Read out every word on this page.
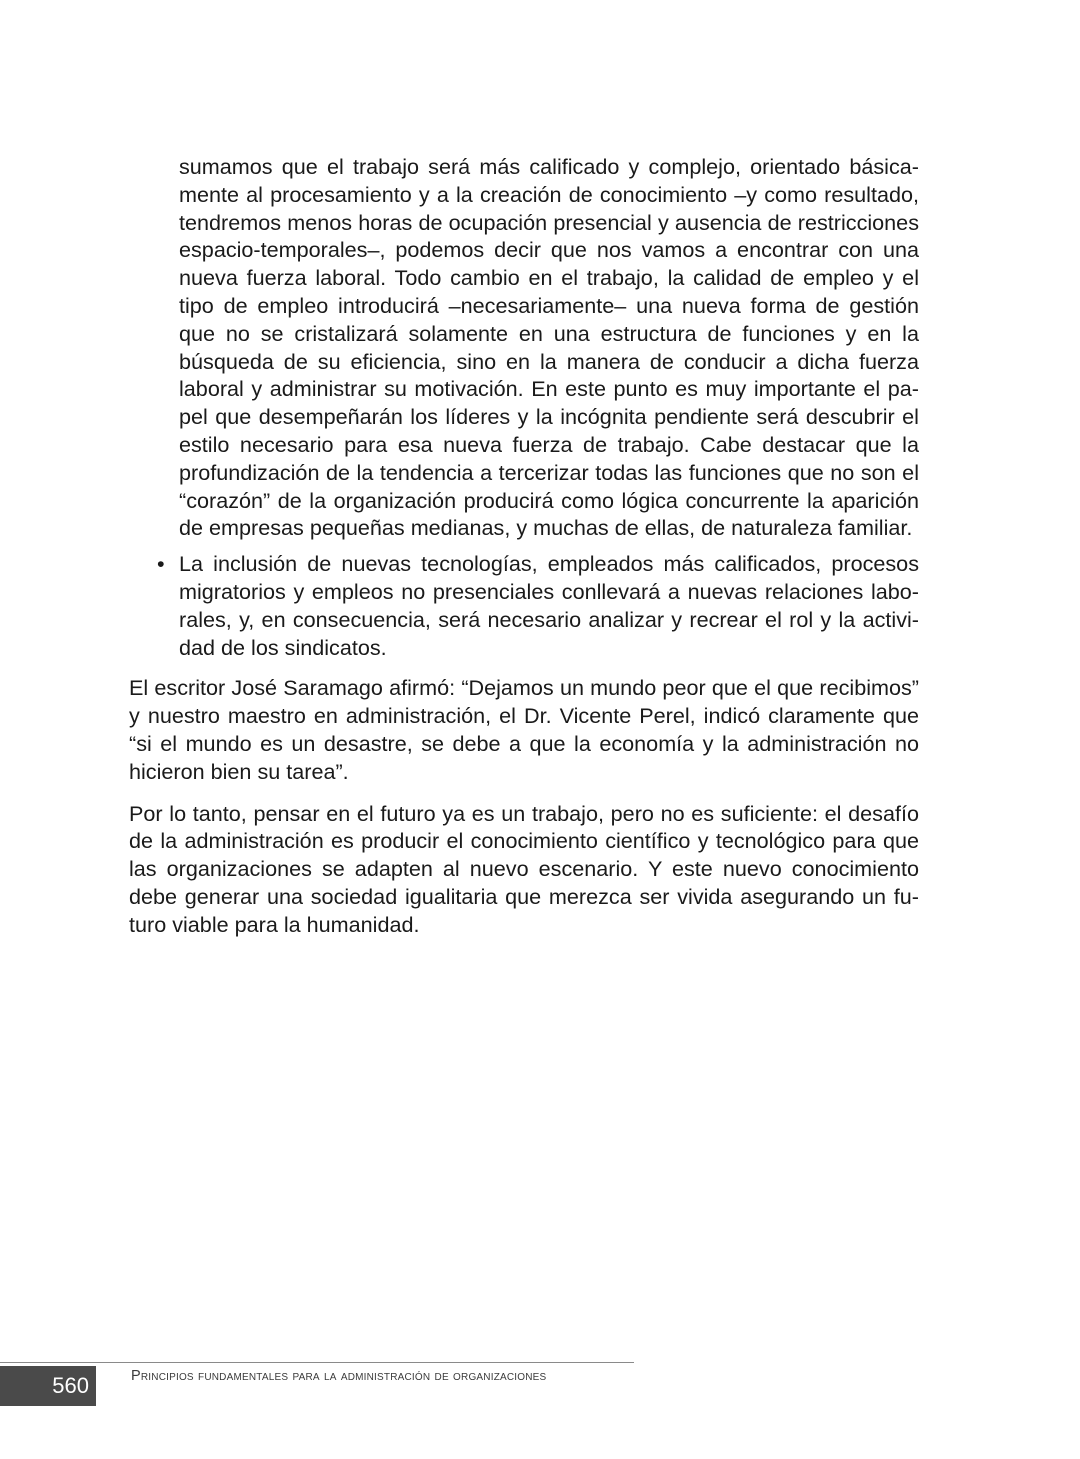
sumamos que el trabajo será más calificado y complejo, orientado básicamente al procesamiento y a la creación de conocimiento –y como resultado, tendremos menos horas de ocupación presencial y ausencia de restricciones espacio-temporales–, podemos decir que nos vamos a encontrar con una nueva fuerza laboral. Todo cambio en el trabajo, la calidad de empleo y el tipo de empleo introducirá –necesariamente– una nueva forma de gestión que no se cristalizará solamente en una estructura de funciones y en la búsqueda de su eficiencia, sino en la manera de conducir a dicha fuerza laboral y administrar su motivación. En este punto es muy importante el papel que desempeñarán los líderes y la incógnita pendiente será descubrir el estilo necesario para esa nueva fuerza de trabajo. Cabe destacar que la profundización de la tendencia a tercerizar todas las funciones que no son el “corazón” de la organización producirá como lógica concurrente la aparición de empresas pequeñas medianas, y muchas de ellas, de naturaleza familiar.

• La inclusión de nuevas tecnologías, empleados más calificados, procesos migratorios y empleos no presenciales conllevará a nuevas relaciones laborales, y, en consecuencia, será necesario analizar y recrear el rol y la actividad de los sindicatos.

El escritor José Saramago afirmó: “Dejamos un mundo peor que el que recibimos” y nuestro maestro en administración, el Dr. Vicente Perel, indicó claramente que “si el mundo es un desastre, se debe a que la economía y la administración no hicieron bien su tarea”.

Por lo tanto, pensar en el futuro ya es un trabajo, pero no es suficiente: el desafío de la administración es producir el conocimiento científico y tecnológico para que las organizaciones se adapten al nuevo escenario. Y este nuevo conocimiento debe generar una sociedad igualitaria que merezca ser vivida asegurando un futuro viable para la humanidad.

560	Principios fundamentales para la administración de organizaciones
